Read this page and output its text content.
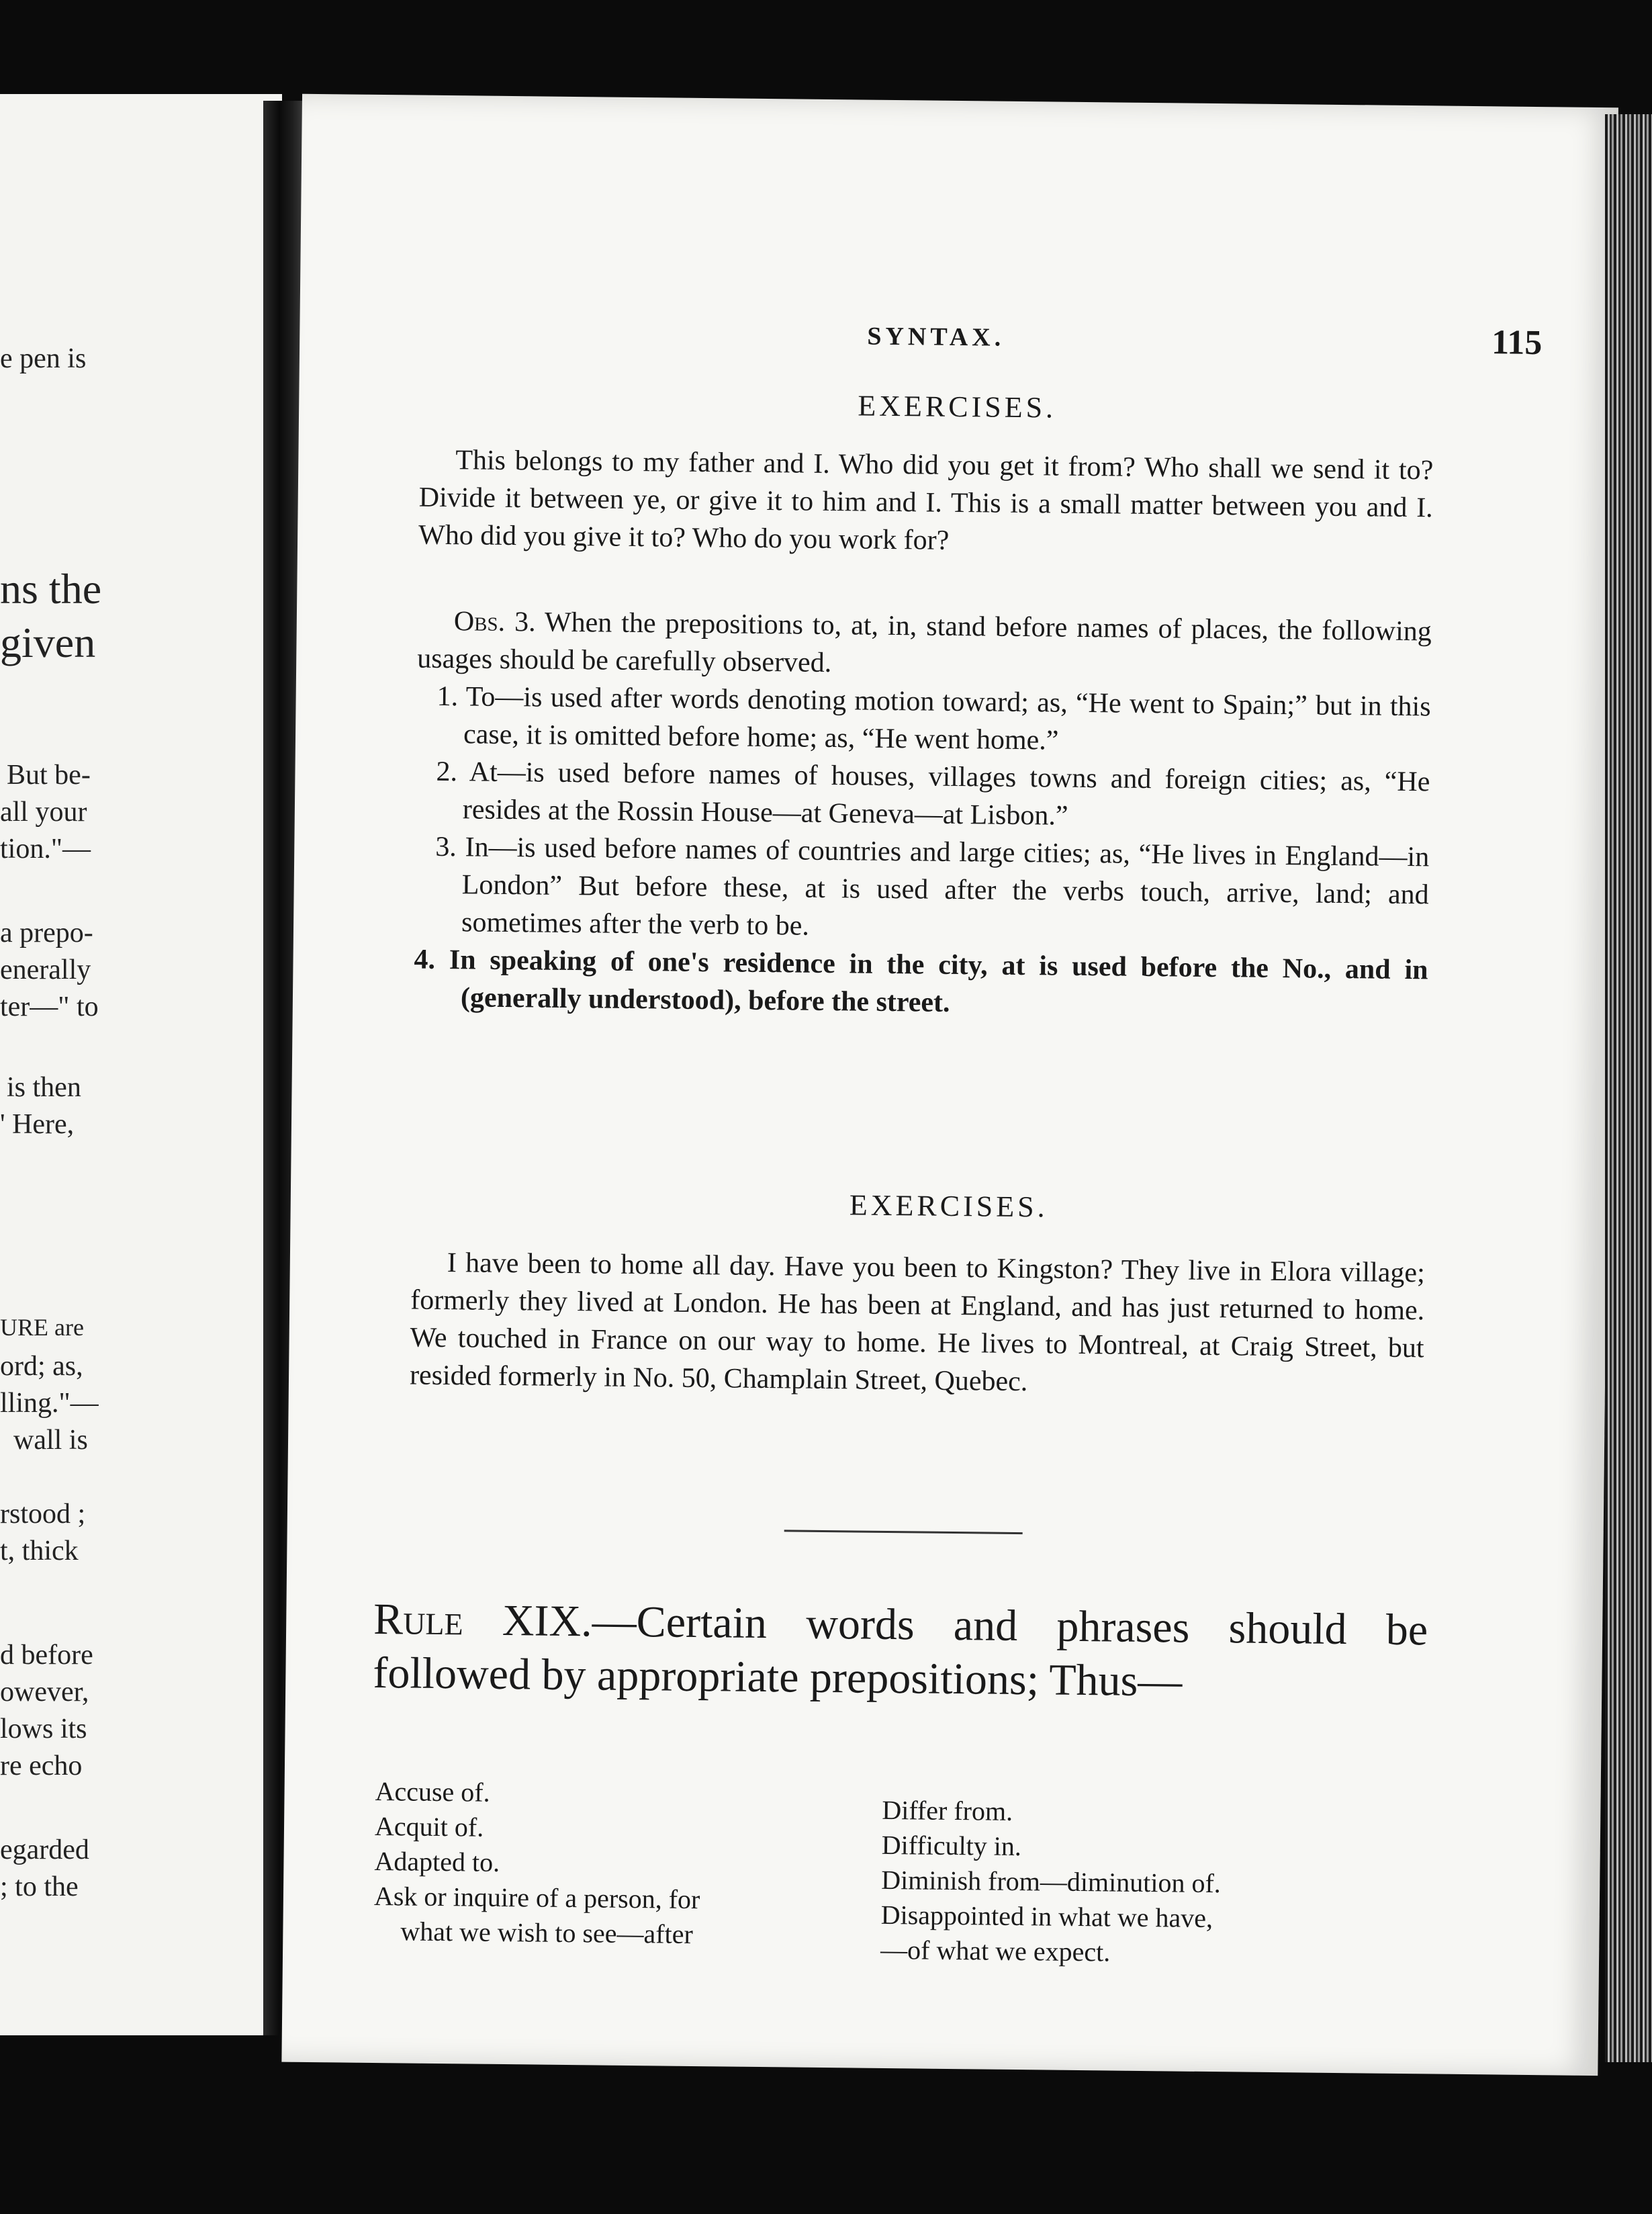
e pen is
ns the
given
But be-
all your
tion."—
a prepo-
enerally
ter—" to
is then
' Here,
URE are
ord; as,
lling."—
wall is
rstood ;
t, thick
d before
owever,
lows its
re echo
egarded
; to the
SYNTAX.	115
EXERCISES.

This belongs to my father and I. Who did you get it from? Who shall we send it to? Divide it between ye, or give it to him and I. This is a small matter between you and I. Who did you give it to? Who do you work for?

Obs. 3. When the prepositions to, at, in, stand before names of places, the following usages should be carefully observed.

1. To—is used after words denoting motion toward; as, “He went to Spain;” but in this case, it is omitted before home; as, “He went home.”

2. At—is used before names of houses, villages towns and foreign cities; as, “He resides at the Rossin House—at Geneva—at Lisbon.”

3. In—is used before names of countries and large cities; as, “He lives in England—in London” But before these, at is used after the verbs touch, arrive, land; and sometimes after the verb to be.

4. In speaking of one's residence in the city, at is used before the No., and in (generally understood), before the street.

EXERCISES.

I have been to home all day. Have you been to Kingston? They live in Elora village; formerly they lived at London. He has been at England, and has just returned to home. We touched in France on our way to home. He lives to Montreal, at Craig Street, but resided formerly in No. 50, Champlain Street, Quebec.

Rule XIX.—Certain words and phrases should be followed by appropriate prepositions; Thus—
Accuse of.
Acquit of.
Adapted to.
Ask or inquire of a person, for
what we wish to see—after
Differ from.
Difficulty in.
Diminish from—diminution of.
Disappointed in what we have,
—of what we expect.
